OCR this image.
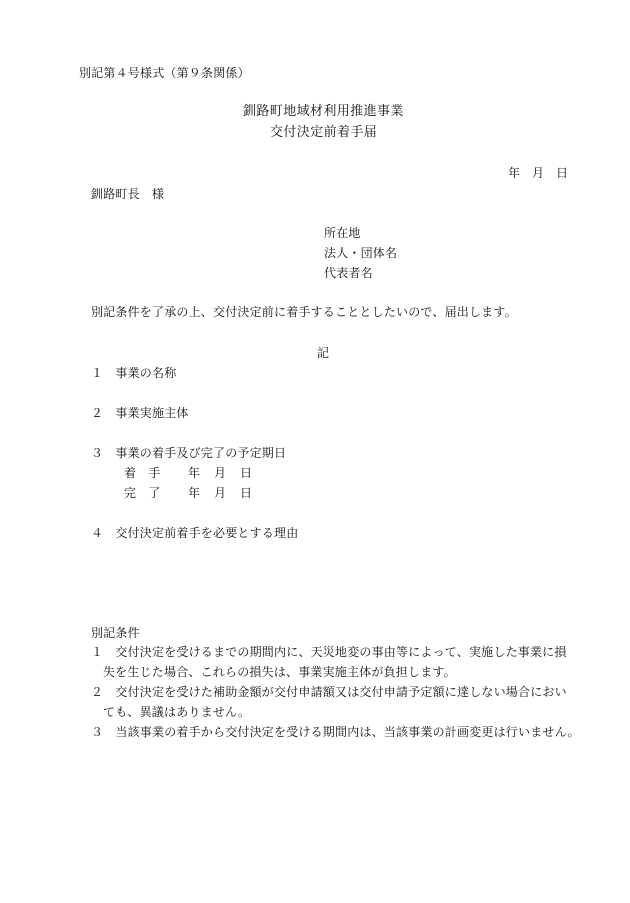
別記第４号様式（第９条関係）
釧路町地域材利用推進事業
交付決定前着手届
年 月 日
釧路町長　様
所在地
法人・団体名
代表者名
別記条件を了承の上、交付決定前に着手することとしたいので、届出します。
記
１　事業の名称
２　事業実施主体
３　事業の着手及び完了の予定期日
着　手 年 月 日
完　了 年 月 日
４　交付決定前着手を必要とする理由
別記条件
１　交付決定を受けるまでの期間内に、天災地変の事由等によって、実施した事業に損
失を生じた場合、これらの損失は、事業実施主体が負担します。
２　交付決定を受けた補助金額が交付申請額又は交付申請予定額に達しない場合におい
ても、異議はありません。
３　当該事業の着手から交付決定を受ける期間内は、当該事業の計画変更は行いません。
